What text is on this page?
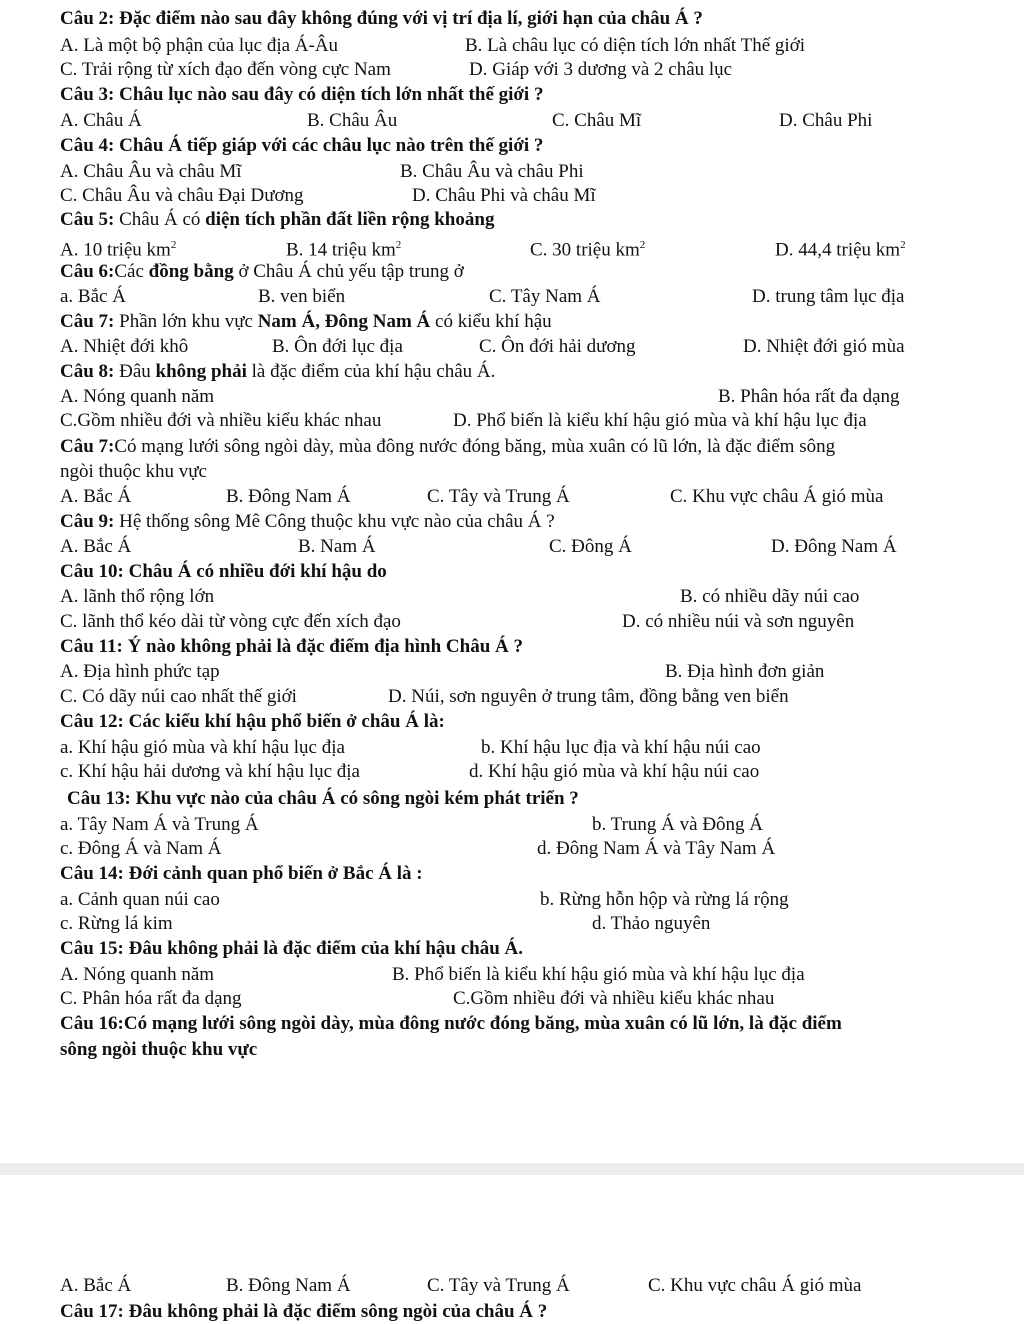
Câu 2: Đặc điểm nào sau đây không đúng với vị trí địa lí, giới hạn của châu Á ?
A. Là một bộ phận của lục địa Á-Âu	B. Là châu lục có diện tích lớn nhất Thế giới
C. Trải rộng từ xích đạo đến vòng cực Nam	D. Giáp với 3 dương và 2 châu lục
Câu 3: Châu lục nào sau đây có diện tích lớn nhất thế giới ?
A. Châu Á	B. Châu Âu	C. Châu Mĩ	D. Châu Phi
Câu 4: Châu Á tiếp giáp với các châu lục nào trên thế giới ?
A. Châu Âu và châu Mĩ	B. Châu Âu và châu Phi
C. Châu Âu và châu Đại Dương	D. Châu Phi và châu Mĩ
Câu 5: Châu Á có diện tích phần đất liền rộng khoảng
A. 10 triệu $km^2$	B. 14 triệu $km^2$	C. 30 triệu $km^2$	D. 44,4 triệu $km^2$
Câu 6:Các đồng bằng ở Châu Á chủ yếu tập trung ở
a. Bắc Á	B. ven biển	C. Tây Nam Á	D. trung tâm lục địa
Câu 7: Phần lớn khu vực Nam Á, Đông Nam Á có kiểu khí hậu
A. Nhiệt đới khô	B. Ôn đới lục địa	C. Ôn đới hải dương	D. Nhiệt đới gió mùa
Câu 8: Đâu không phải là đặc điểm của khí hậu châu Á.
A. Nóng quanh năm	B. Phân hóa rất đa dạng
C.Gồm nhiều đới và nhiều kiểu khác nhau	D. Phổ biến là kiểu khí hậu gió mùa và khí hậu lục địa
Câu 7:Có mạng lưới sông ngòi dày, mùa đông nước đóng băng, mùa xuân có lũ lớn, là đặc điểm sông
ngòi thuộc khu vực
A. Bắc Á	B. Đông Nam Á	C. Tây và Trung Á	C. Khu vực châu Á gió mùa
Câu 9: Hệ thống sông Mê Công thuộc khu vực nào của châu Á ?
A. Bắc Á	B. Nam Á	C. Đông Á	D. Đông Nam Á
Câu 10: Châu Á có nhiều đới khí hậu do
A. lãnh thổ rộng lớn	B. có nhiều dãy núi cao
C. lãnh thổ kéo dài từ vòng cực đến xích đạo	D. có nhiều núi và sơn nguyên
Câu 11: Ý nào không phải là đặc điểm địa hình Châu Á ?
A. Địa hình phức tạp	B. Địa hình đơn giản
C. Có dãy núi cao nhất thế giới	D. Núi, sơn nguyên ở trung tâm, đồng bằng ven biển
Câu 12: Các kiểu khí hậu phổ biến ở châu Á là:
a. Khí hậu gió mùa và khí hậu lục địa	b. Khí hậu lục địa và khí hậu núi cao
c. Khí hậu hải dương và khí hậu lục địa	d. Khí hậu gió mùa và khí hậu núi cao
Câu 13: Khu vực nào của châu Á có sông ngòi kém phát triển ?
a. Tây Nam Á và Trung Á	b. Trung Á và Đông Á
c. Đông Á và Nam Á	d. Đông Nam Á và Tây Nam Á
Câu 14: Đới cảnh quan phổ biến ở Bắc Á là :
a. Cảnh quan núi cao	b. Rừng hỗn hộp và rừng lá rộng
c. Rừng lá kim	d. Thảo nguyên
Câu 15: Đâu không phải là đặc điểm của khí hậu châu Á.
A. Nóng quanh năm	B. Phổ biến là kiểu khí hậu gió mùa và khí hậu lục địa
C. Phân hóa rất đa dạng	C.Gồm nhiều đới và nhiều kiểu khác nhau
Câu 16:Có mạng lưới sông ngòi dày, mùa đông nước đóng băng, mùa xuân có lũ lớn, là đặc điểm
sông ngòi thuộc khu vực
A. Bắc Á	B. Đông Nam Á	C. Tây và Trung Á	C. Khu vực châu Á gió mùa
Câu 17: Đâu không phải là đặc điểm sông ngòi của châu Á ?
